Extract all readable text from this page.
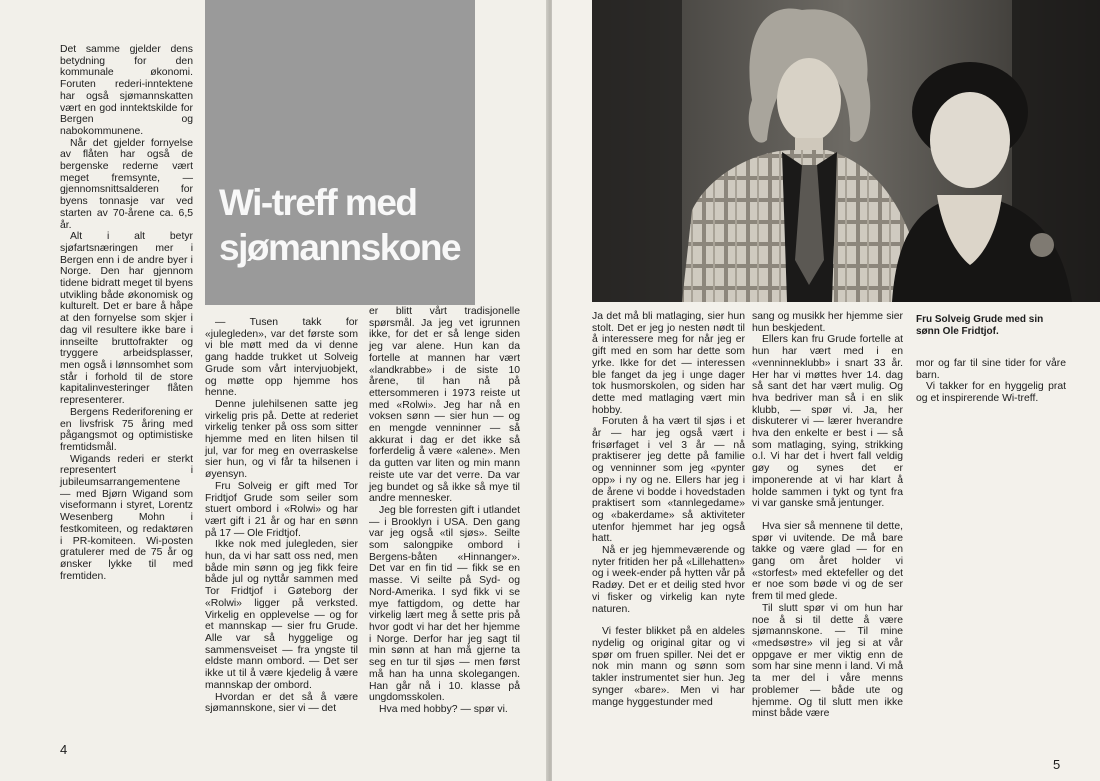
Det samme gjelder dens betydning for den kommunale økonomi. Foruten rederi-inntektene har også sjømannskatten vært en god inntektskilde for Bergen og nabokommunene.

Når det gjelder fornyelse av flåten har også de bergenske rederne vært meget fremsynte, — gjennomsnittsalderen for byens tonnasje var ved starten av 70-årene ca. 6,5 år.

Alt i alt betyr sjøfartsnæringen mer i Bergen enn i de andre byer i Norge. Den har gjennom tidene bidratt meget til byens utvikling både økonomisk og kulturelt. Det er bare å håpe at den fornyelse som skjer i dag vil resultere ikke bare i innseilte bruttofrakter og tryggere arbeidsplasser, men også i lønnsomhet som står i forhold til de store kapitalinvesteringer flåten representerer.

Bergens Rederiforening er en livsfrisk 75 åring med pågangsmot og optimistiske fremtidsmål.

Wigands rederi er sterkt representert i jubileumsarrangementene — med Bjørn Wigand som viseformann i styret, Lorentz Wesenberg Mohn i festkomiteen, og redaktøren i PR-komiteen. Wi-posten gratulerer med de 75 år og ønsker lykke til med fremtiden.

Wi-treff med
sjømannskone

— Tusen takk for «julegleden», var det første som vi ble møtt med da vi denne gang hadde trukket ut Solveig Grude som vårt intervjuobjekt, og møtte opp hjemme hos henne.

Denne julehilsenen satte jeg virkelig pris på. Dette at rederiet virkelig tenker på oss som sitter hjemme med en liten hilsen til jul, var for meg en overraskelse sier hun, og vi får ta hilsenen i øyensyn.

Fru Solveig er gift med Tor Fridtjof Grude som seiler som stuert ombord i «Rolwi» og har vært gift i 21 år og har en sønn på 17 — Ole Fridtjof.

Ikke nok med julegleden, sier hun, da vi har satt oss ned, men både min sønn og jeg fikk feire både jul og nyttår sammen med Tor Fridtjof i Gøteborg der «Rolwi» ligger på verksted. Virkelig en opplevelse — og for et mannskap — sier fru Grude. Alle var så hyggelige og sammensveiset — fra yngste til eldste mann ombord. — Det ser ikke ut til å være kjedelig å være mannskap der ombord.

Hvordan er det så å være sjømannskone, sier vi — det

er blitt vårt tradisjonelle spørsmål. Ja jeg vet igrunnen ikke, for det er så lenge siden jeg var alene. Hun kan da fortelle at mannen har vært «landkrabbe» i de siste 10 årene, til han nå på ettersommeren i 1973 reiste ut med «Rolwi». Jeg har nå en voksen sønn — sier hun — og en mengde venninner — så akkurat i dag er det ikke så forferdelig å være «alene». Men da gutten var liten og min mann reiste ute var det verre. Da var jeg bundet og så ikke så mye til andre mennesker.

Jeg ble forresten gift i utlandet — i Brooklyn i USA. Den gang var jeg også «til sjøs». Seilte som salongpike ombord i Bergens-båten «Hinnanger». Det var en fin tid — fikk se en masse. Vi seilte på Syd- og Nord-Amerika. I syd fikk vi se mye fattigdom, og dette har virkelig lært meg å sette pris på hvor godt vi har det her hjemme i Norge. Derfor har jeg sagt til min sønn at han må gjerne ta seg en tur til sjøs — men først må han ha unna skolegangen. Han går nå i 10. klasse på ungdomsskolen.

Hva med hobby? — spør vi.

4

Ja det må bli matlaging, sier hun stolt. Det er jeg jo nesten nødt til å interessere meg for når jeg er gift med en som har dette som yrke. Ikke for det — interessen ble fanget da jeg i unge dager tok husmorskolen, og siden har dette med matlaging vært min hobby.

Foruten å ha vært til sjøs i et år — har jeg også vært i frisørfaget i vel 3 år — nå praktiserer jeg dette på familie og venninner som jeg «pynter opp» i ny og ne. Ellers har jeg i de årene vi bodde i hovedstaden praktisert som «tannlegedame» og «bakerdame» så aktiviteter utenfor hjemmet har jeg også hatt.

Nå er jeg hjemmeværende og nyter fritiden her på «Lillehatten» og i week-ender på hytten vår på Radøy. Det er et deilig sted hvor vi fisker og virkelig kan nyte naturen.

Vi fester blikket på en aldeles nydelig og original gitar og vi spør om fruen spiller. Nei det er nok min mann og sønn som takler instrumentet sier hun. Jeg synger «bare». Men vi har mange hyggestunder med

sang og musikk her hjemme sier hun beskjedent.

Ellers kan fru Grude fortelle at hun har vært med i en «venninneklubb» i snart 33 år. Her har vi møttes hver 14. dag så sant det har vært mulig. Og hva bedriver man så i en slik klubb, — spør vi. Ja, her diskuterer vi — lærer hverandre hva den enkelte er best i — så som matlaging, sying, strikking o.l. Vi har det i hvert fall veldig gøy og synes det er imponerende at vi har klart å holde sammen i tykt og tynt fra vi var ganske små jentunger.

Hva sier så mennene til dette, spør vi uvitende. De må bare takke og være glad — for en gang om året holder vi «storfest» med ektefeller og det er noe som bøde vi og de ser frem til med glede.

Til slutt spør vi om hun har noe å si til dette å være sjømannskone. — Til mine «medsøstre» vil jeg si at vår oppgave er mer viktig enn de som har sine menn i land. Vi må ta mer del i våre menns problemer — både ute og hjemme. Og til slutt men ikke minst både være

Fru Solveig Grude med sin sønn Ole Fridtjof.

mor og far til sine tider for våre barn.

Vi takker for en hyggelig prat og et inspirerende Wi-treff.

5
